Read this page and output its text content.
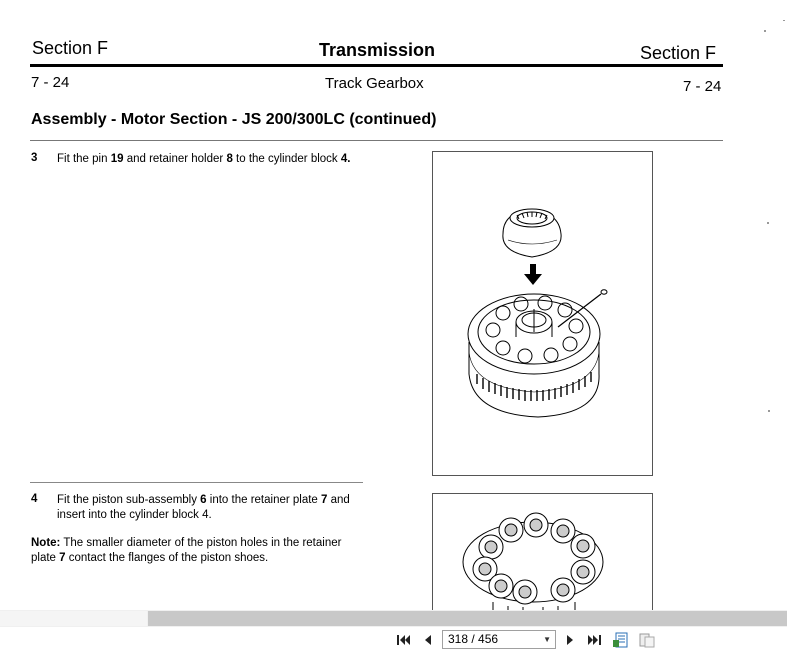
Section F	Transmission	Section F
7 - 24	Track Gearbox	7 - 24
Assembly - Motor Section - JS 200/300LC (continued)
3 Fit the pin 19 and retainer holder 8 to the cylinder block 4.
4 Fit the piston sub-assembly 6 into the retainer plate 7 and insert into the cylinder block 4.
Note: The smaller diameter of the piston holes in the retainer plate 7 contact the flanges of the piston shoes.
318 / 456	▼
